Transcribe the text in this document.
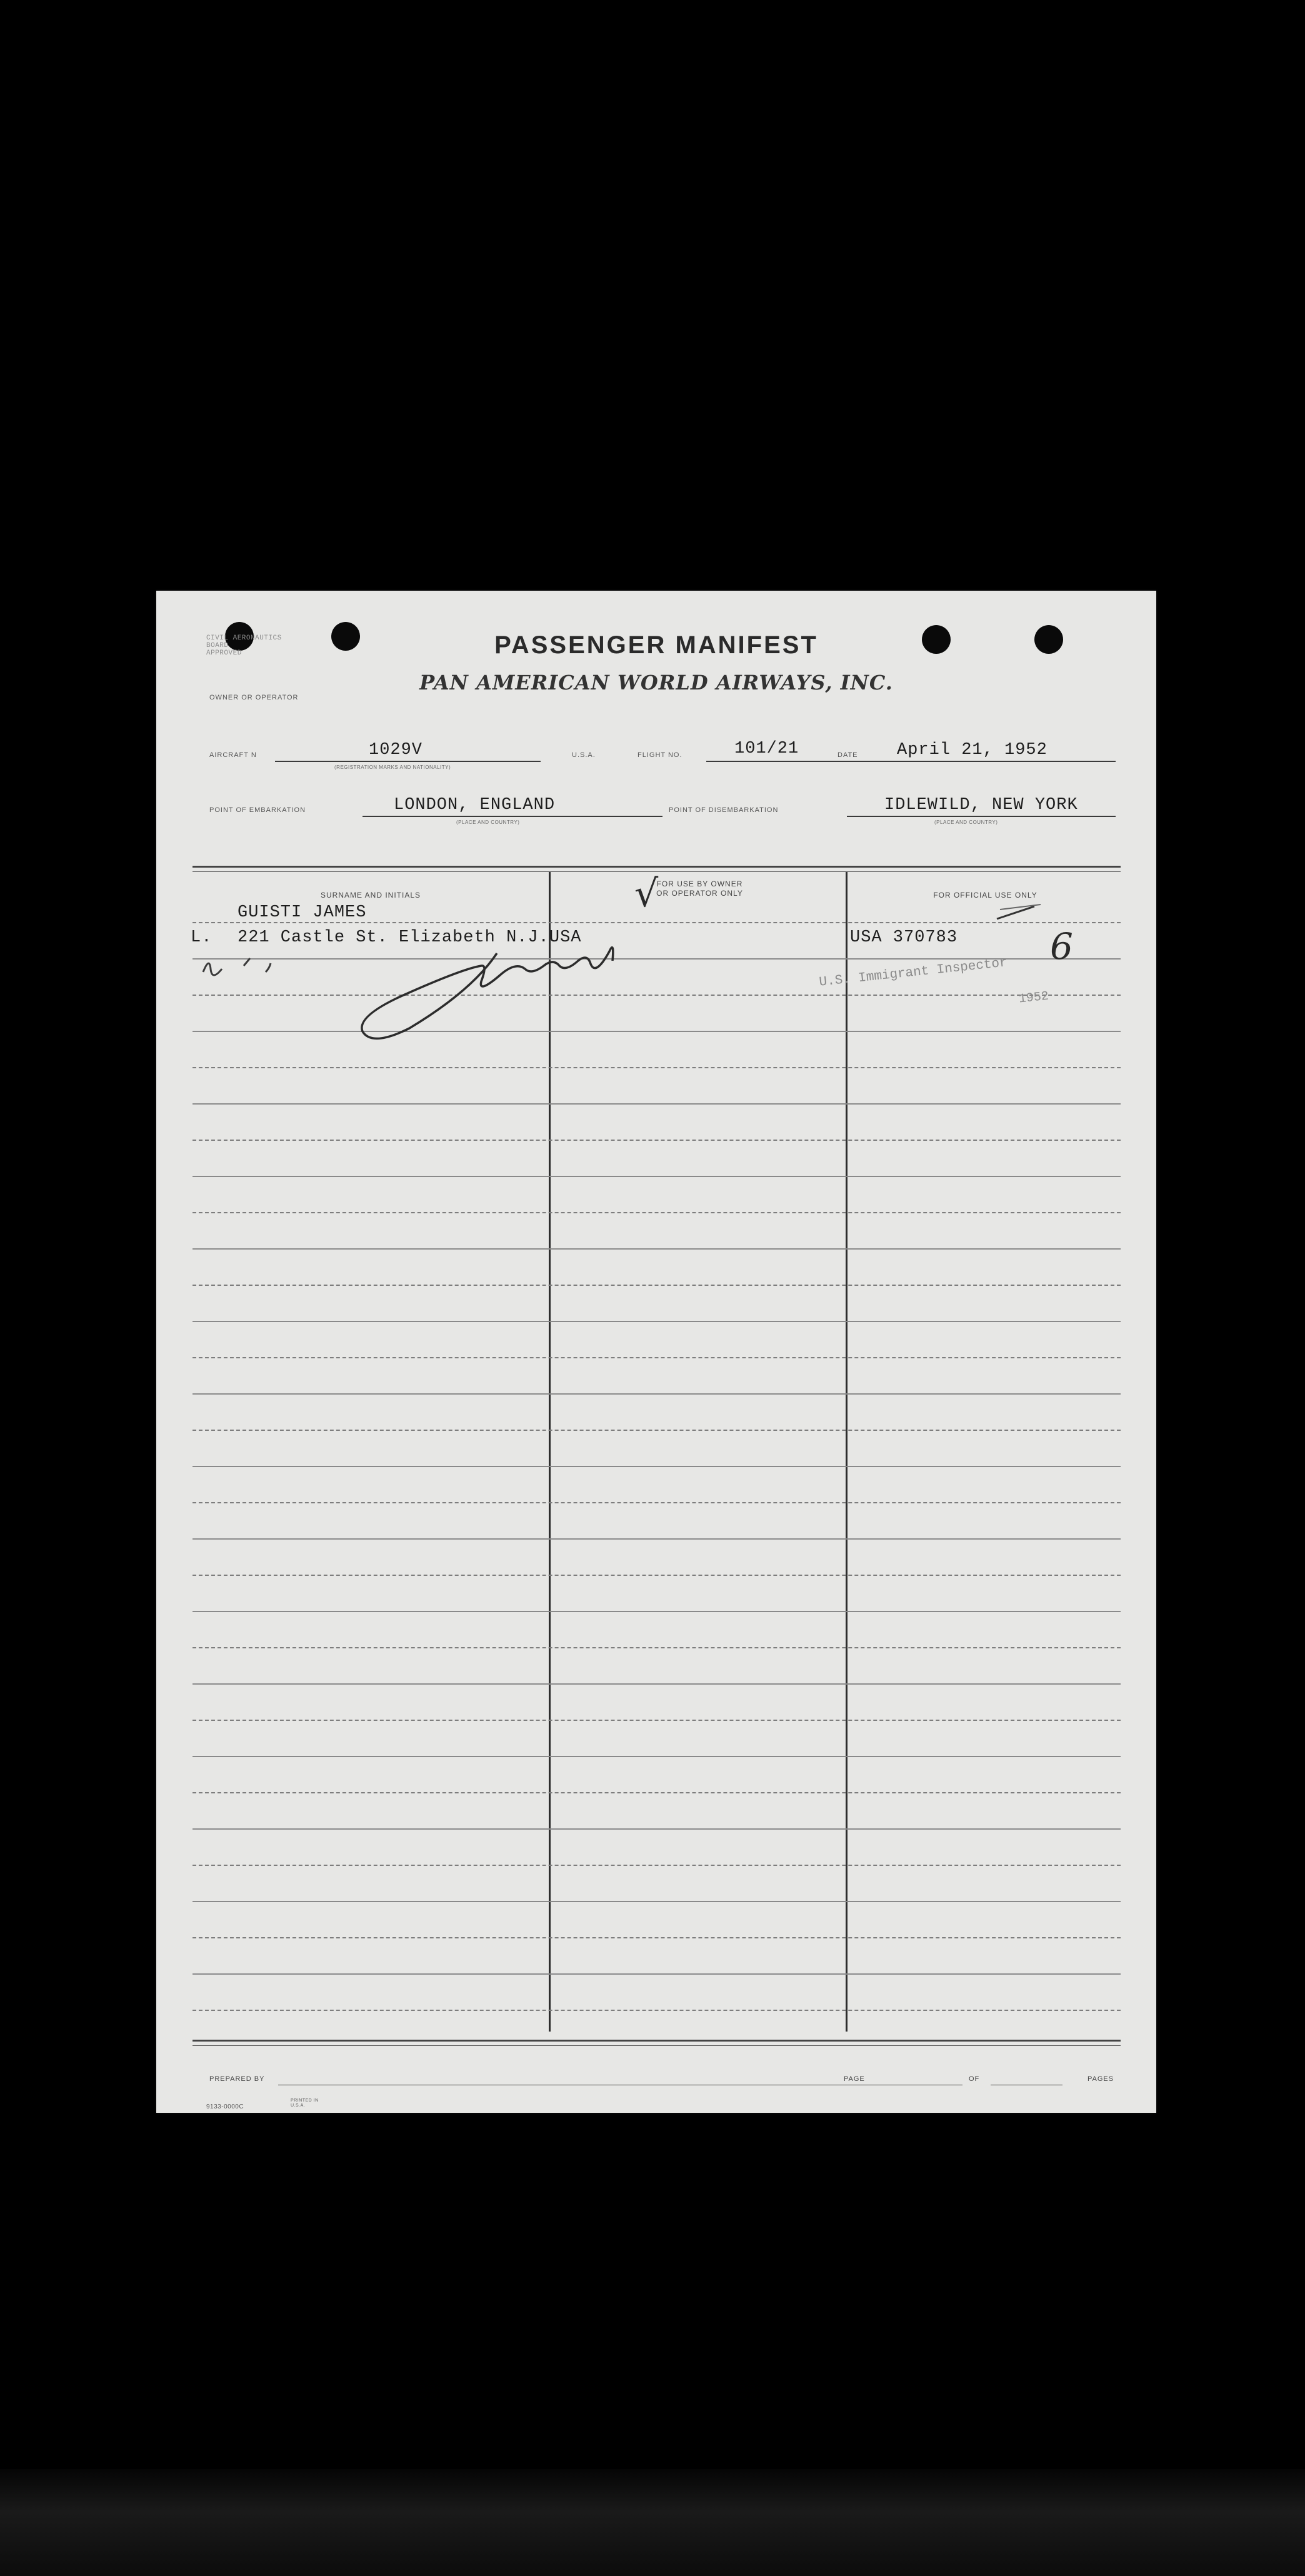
CIVIL AERONAUTICS
BOARD
APPROVED	PASSENGER MANIFEST
PAN AMERICAN WORLD AIRWAYS, INC.
OWNER OR OPERATOR
AIRCRAFT N	1029V
(REGISTRATION MARKS AND NATIONALITY)
U.S.A.	FLIGHT NO.	101/21	DATE April 21, 1952
POINT OF EMBARKATION	LONDON, ENGLAND
(PLACE AND COUNTRY)
POINT OF DISEMBARKATION	IDLEWILD, NEW YORK
(PLACE AND COUNTRY)
SURNAME AND INITIALS
FOR USE BY OWNER
OR OPERATOR ONLY	FOR OFFICIAL USE ONLY
GUISTI JAMES
L. 221 Castle St. Elizabeth N.J.USA
√
USA 370783	6
U.S. Immigrant Inspector
1952
PREPARED BY	PAGE	OF	PAGES
9133-0000C
PRINTED IN U.S.A.
